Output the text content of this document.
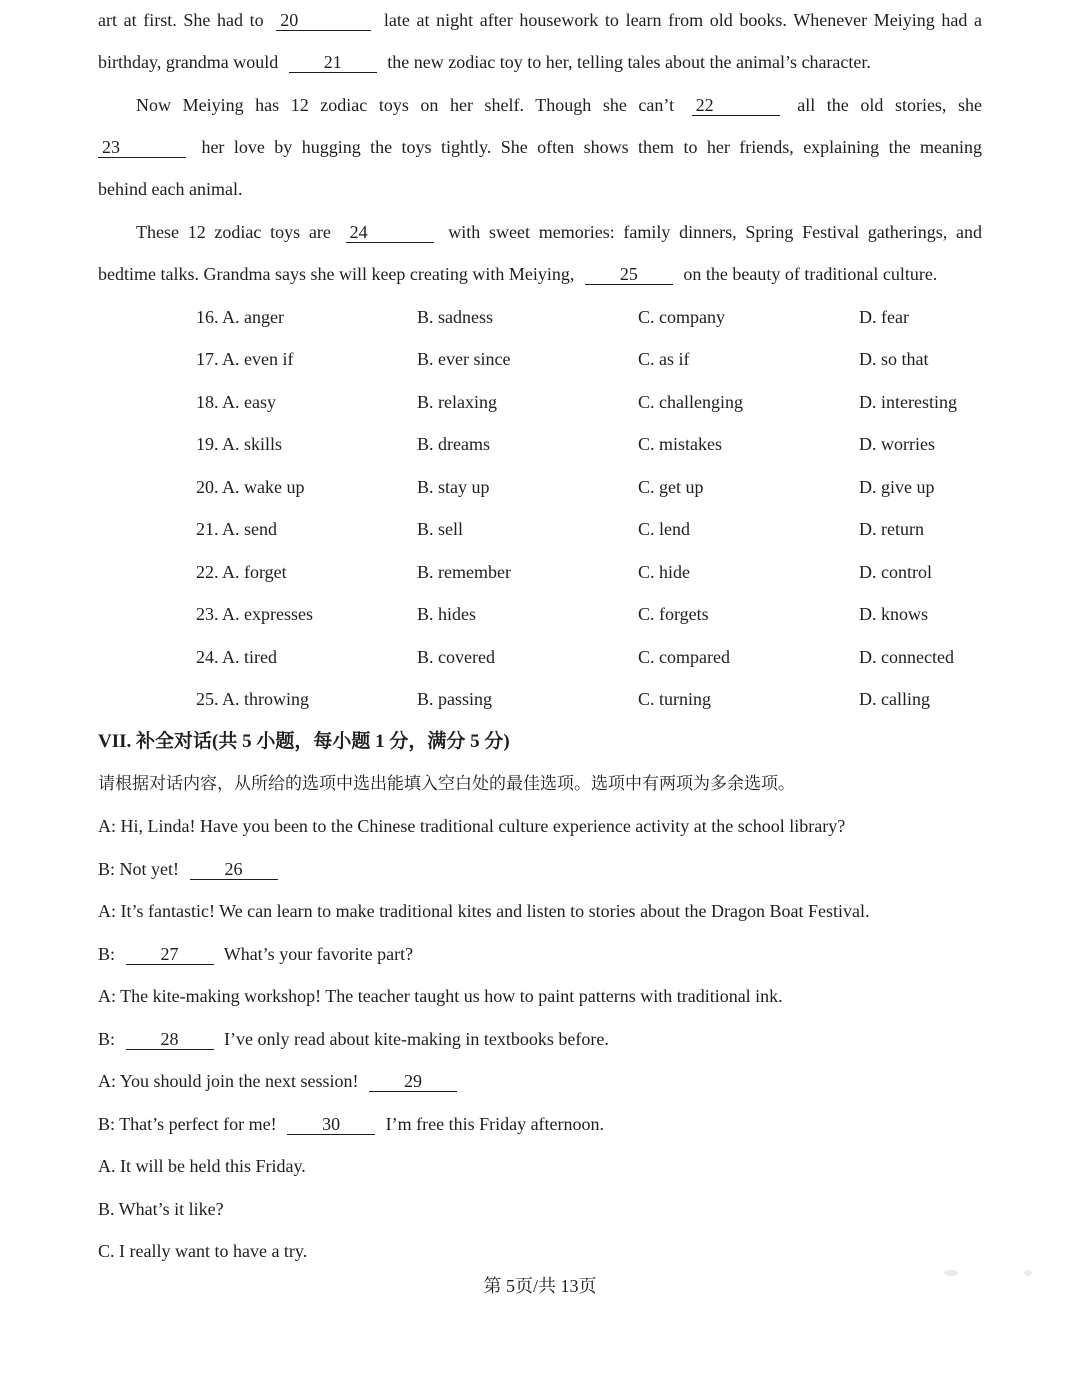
art at first. She had to 20	late at night after housework to learn from old books. Whenever Meiying had a
birthday, grandma would	21	the new zodiac toy to her, telling tales about the animal’s character.
Now Meiying has 12 zodiac toys on her shelf. Though she can’t 22	all the old stories, she
23	her love by hugging the toys tightly. She often shows them to her friends, explaining the meaning
behind each animal.
These 12 zodiac toys are 24	with sweet memories: family dinners, Spring Festival gatherings, and
bedtime talks. Grandma says she will keep creating with Meiying,	25	on the beauty of traditional culture.
16. A. anger	B. sadness	C. company	D. fear
17. A. even if	B. ever since	C. as if	D. so that
18. A. easy	B. relaxing	C. challenging	D. interesting
19. A. skills	B. dreams	C. mistakes	D. worries
20. A. wake up	B. stay up	C. get up	D. give up
21. A. send	B. sell	C. lend	D. return
22. A. forget	B. remember	C. hide	D. control
23. A. expresses	B. hides	C. forgets	D. knows
24. A. tired	B. covered	C. compared	D. connected
25. A. throwing	B. passing	C. turning	D. calling
VII. 补全对话(共 5 小题，每小题 1 分，满分 5 分)
请根据对话内容，从所给的选项中选出能填入空白处的最佳选项。选项中有两项为多余选项。
A: Hi, Linda! Have you been to the Chinese traditional culture experience activity at the school library?
B: Not yet!	26
A: It’s fantastic! We can learn to make traditional kites and listen to stories about the Dragon Boat Festival.
B:	27	What’s your favorite part?
A: The kite-making workshop! The teacher taught us how to paint patterns with traditional ink.
B:	28	I’ve only read about kite-making in textbooks before.
A: You should join the next session!	29
B: That’s perfect for me!	30	I’m free this Friday afternoon.
A. It will be held this Friday.
B. What’s it like?
C. I really want to have a try.
第 5页/共 13页
